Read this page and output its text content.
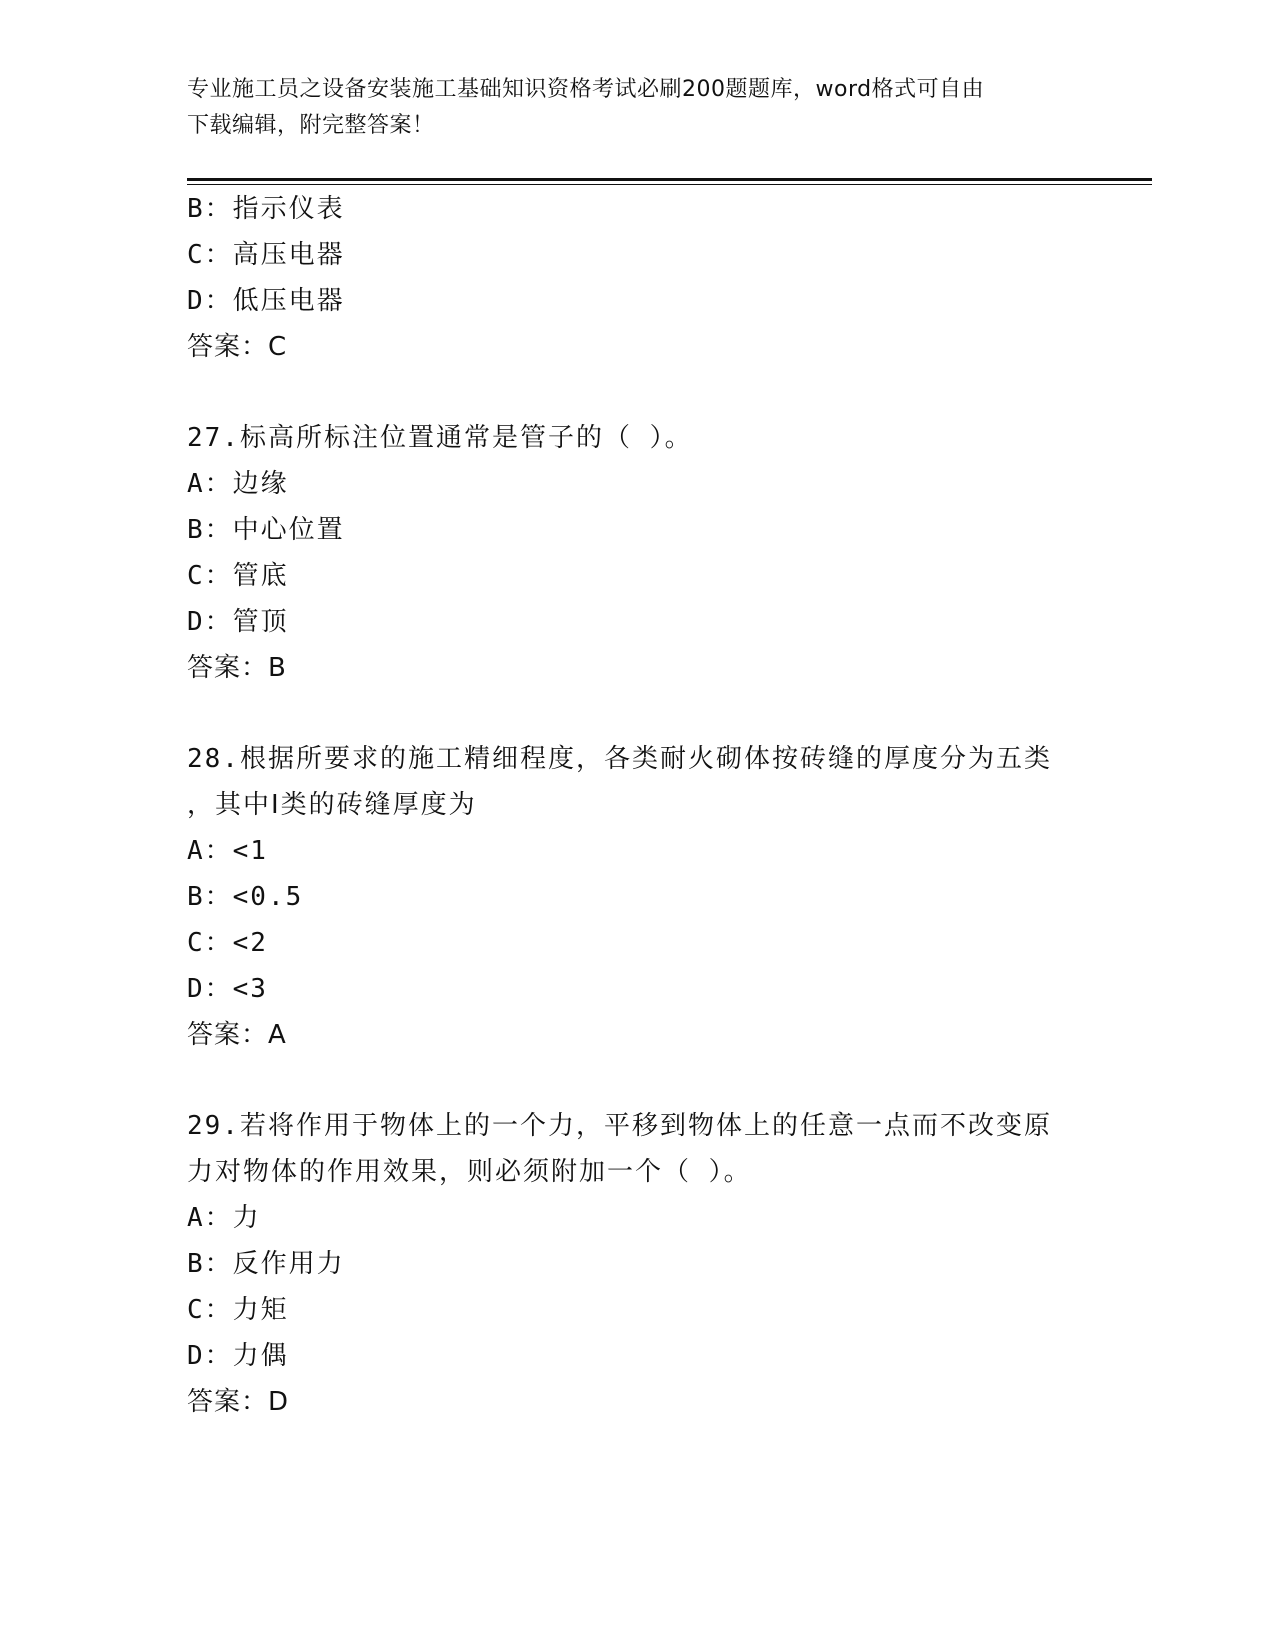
专业施工员之设备安装施工基础知识资格考试必刷200题题库，word格式可自由
下载编辑，附完整答案！
B：指示仪表
C：高压电器
D：低压电器
答案：C
27.标高所标注位置通常是管子的（ ）。
A：边缘
B：中心位置
C：管底
D：管顶
答案：B
28.根据所要求的施工精细程度，各类耐火砌体按砖缝的厚度分为五类
，其中Ⅰ类的砖缝厚度为
A：<1
B：<0.5
C：<2
D：<3
答案：A
29.若将作用于物体上的一个力，平移到物体上的任意一点而不改变原
力对物体的作用效果，则必须附加一个（ ）。
A：力
B：反作用力
C：力矩
D：力偶
答案：D
